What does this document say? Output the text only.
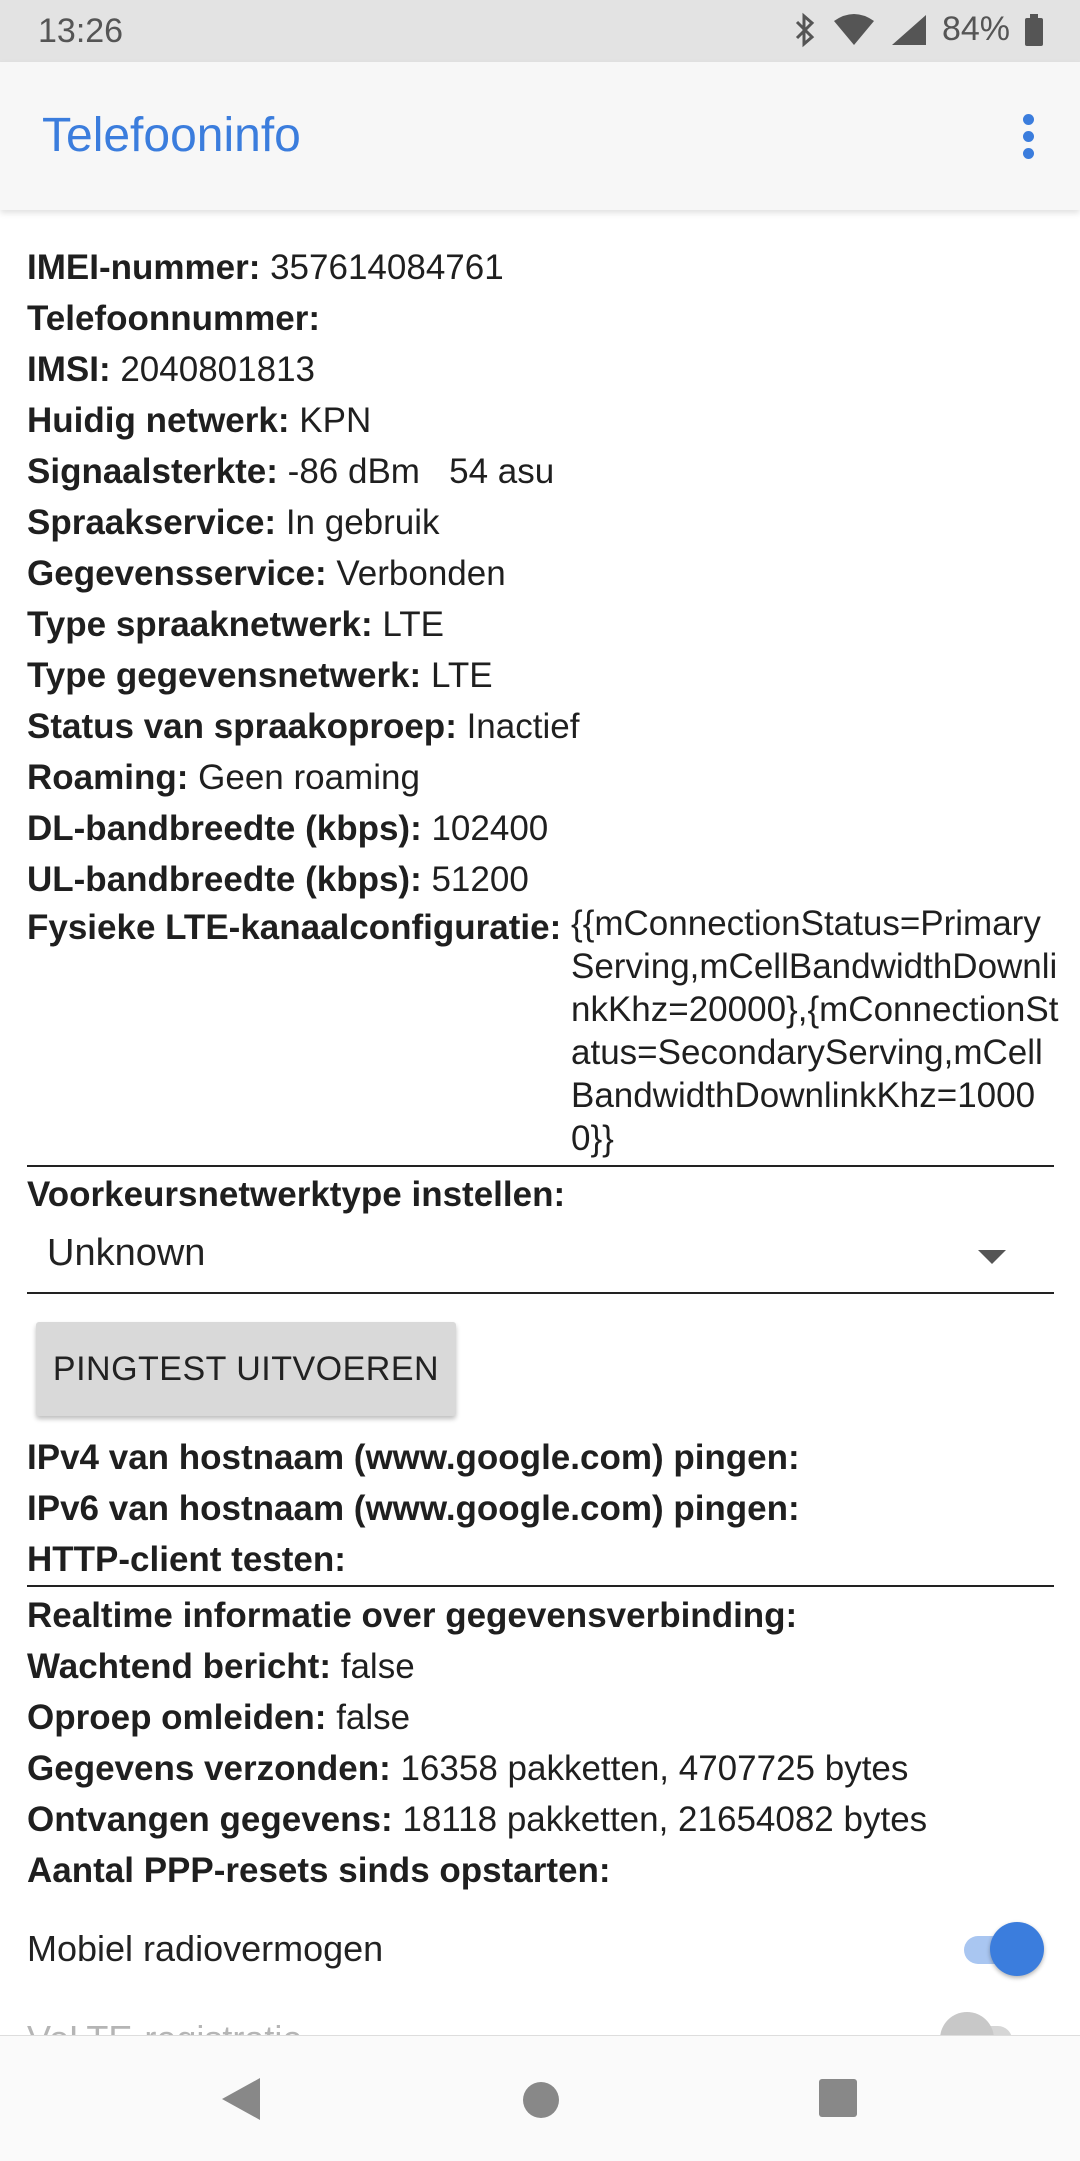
13:26	84%
Telefooninfo
IMEI-nummer: 357614084761
Telefoonnummer:
IMSI: 2040801813
Huidig netwerk: KPN
Signaalsterkte: -86 dBm   54 asu
Spraakservice: In gebruik
Gegevensservice: Verbonden
Type spraaknetwerk: LTE
Type gegevensnetwerk: LTE
Status van spraakoproep: Inactief
Roaming: Geen roaming
DL-bandbreedte (kbps): 102400
UL-bandbreedte (kbps): 51200
Fysieke LTE-kanaalconfiguratie: {{mConnectionStatus=PrimaryServing,mCellBandwidthDownlinkKhz=20000},{mConnectionStatus=SecondaryServing,mCellBandwidthDownlinkKhz=10000}}
Voorkeursnetwerktype instellen:
Unknown
PINGTEST UITVOEREN
IPv4 van hostnaam (www.google.com) pingen:
IPv6 van hostnaam (www.google.com) pingen:
HTTP-client testen:
Realtime informatie over gegevensverbinding:
Wachtend bericht: false
Oproep omleiden: false
Gegevens verzonden: 16358 pakketten, 4707725 bytes
Ontvangen gegevens: 18118 pakketten, 21654082 bytes
Aantal PPP-resets sinds opstarten:
Mobiel radiovermogen
